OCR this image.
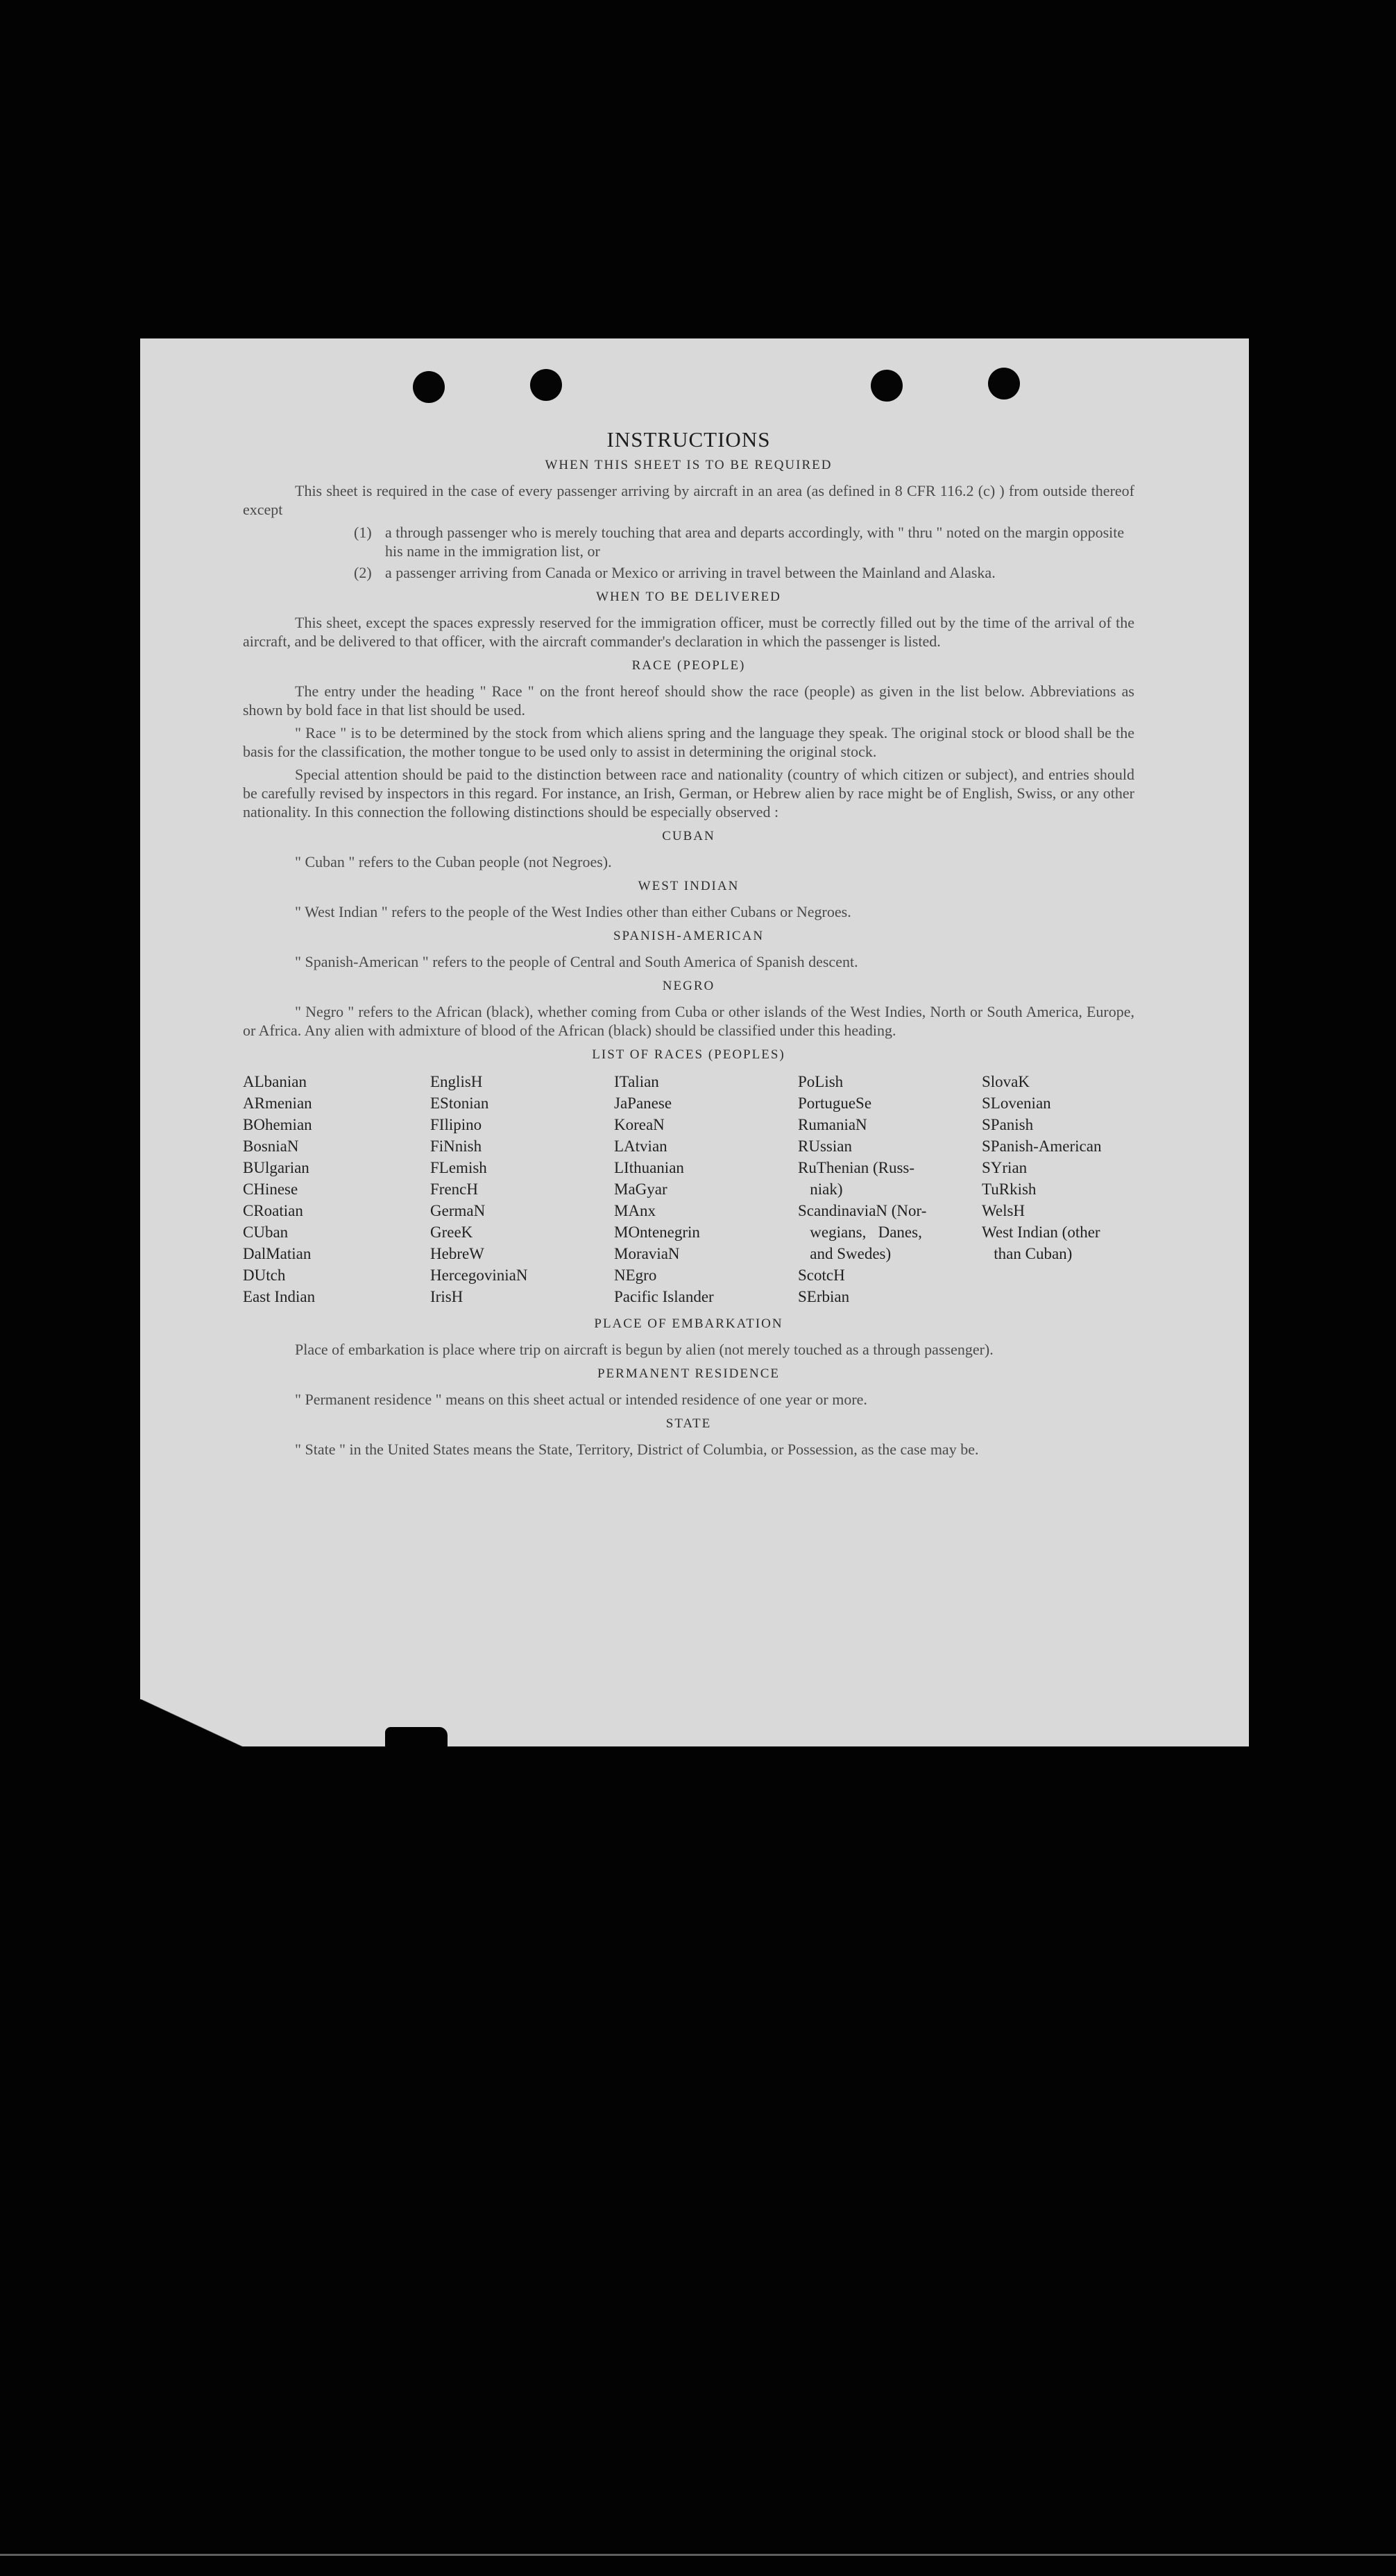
INSTRUCTIONS
WHEN THIS SHEET IS TO BE REQUIRED

This sheet is required in the case of every passenger arriving by aircraft in an area (as defined in 8 CFR 116.2 (c) ) from outside thereof except

(1) a through passenger who is merely touching that area and departs accordingly, with " thru " noted on the margin opposite his name in the immigration list, or
(2) a passenger arriving from Canada or Mexico or arriving in travel between the Mainland and Alaska.
WHEN TO BE DELIVERED

This sheet, except the spaces expressly reserved for the immigration officer, must be correctly filled out by the time of the arrival of the aircraft, and be delivered to that officer, with the aircraft commander's declaration in which the passenger is listed.

RACE (PEOPLE)

The entry under the heading " Race " on the front hereof should show the race (people) as given in the list below. Abbreviations as shown by bold face in that list should be used.

" Race " is to be determined by the stock from which aliens spring and the language they speak. The original stock or blood shall be the basis for the classification, the mother tongue to be used only to assist in determining the original stock.

Special attention should be paid to the distinction between race and nationality (country of which citizen or subject), and entries should be carefully revised by inspectors in this regard. For instance, an Irish, German, or Hebrew alien by race might be of English, Swiss, or any other nationality. In this connection the following distinctions should be especially observed :

CUBAN

" Cuban " refers to the Cuban people (not Negroes).

WEST INDIAN

" West Indian " refers to the people of the West Indies other than either Cubans or Negroes.

SPANISH-AMERICAN

" Spanish-American " refers to the people of Central and South America of Spanish descent.

NEGRO

" Negro " refers to the African (black), whether coming from Cuba or other islands of the West Indies, North or South America, Europe, or Africa. Any alien with admixture of blood of the African (black) should be classified under this heading.

LIST OF RACES (PEOPLES)
ALbanian	EnglisH	ITalian	PoLish	SlovaK
ARmenian	EStonian	JaPanese	PortugueSe	SLovenian
BOhemian	FIlipino	KoreaN	RumaniaN	SPanish
BosniaN	FiNnish	LAtvian	RUssian	SPanish-American
BUlgarian	FLemish	LIthuanian	RuThenian (Russ-	SYrian
CHinese	FrencH	MaGyar	niak)	TuRkish
CRoatian	GermaN	MAnx	ScandinaviaN (Nor-	WelsH
CUban	GreeK	MOntenegrin	wegians,   Danes,	West Indian (other
DalMatian	HebreW	MoraviaN	and Swedes)	than Cuban)
DUtch	HercegoviniaN	NEgro	ScotcH
East Indian	IrisH	Pacific Islander	SErbian
PLACE OF EMBARKATION

Place of embarkation is place where trip on aircraft is begun by alien (not merely touched as a through passenger).

PERMANENT RESIDENCE

" Permanent residence " means on this sheet actual or intended residence of one year or more.

STATE

" State " in the United States means the State, Territory, District of Columbia, or Possession, as the case may be.
